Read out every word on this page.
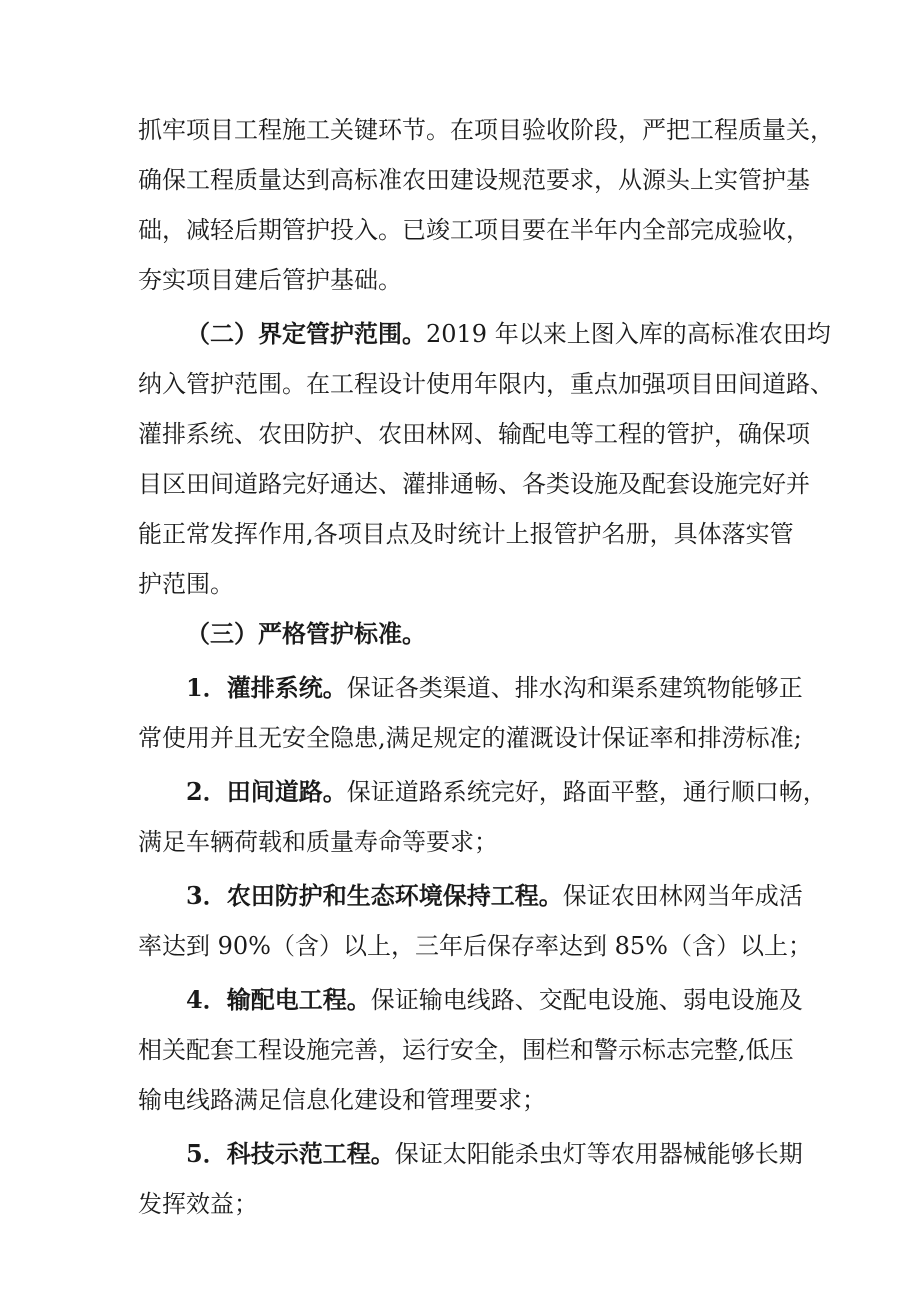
抓牢项目工程施工关键环节。在项目验收阶段，严把工程质量关，
确保工程质量达到高标准农田建设规范要求，从源头上实管护基
础，减轻后期管护投入。已竣工项目要在半年内全部完成验收，
夯实项目建后管护基础。
（二）界定管护范围。2019 年以来上图入库的高标准农田均
纳入管护范围。在工程设计使用年限内，重点加强项目田间道路、
灌排系统、农田防护、农田林网、输配电等工程的管护，确保项
目区田间道路完好通达、灌排通畅、各类设施及配套设施完好并
能正常发挥作用,各项目点及时统计上报管护名册，具体落实管
护范围。
（三）严格管护标准。
1．灌排系统。保证各类渠道、排水沟和渠系建筑物能够正
常使用并且无安全隐患,满足规定的灌溉设计保证率和排涝标准;
2．田间道路。保证道路系统完好，路面平整，通行顺口畅，
满足车辆荷载和质量寿命等要求；
3．农田防护和生态环境保持工程。保证农田林网当年成活
率达到 90%（含）以上，三年后保存率达到 85%（含）以上；
4．输配电工程。保证输电线路、交配电设施、弱电设施及
相关配套工程设施完善，运行安全，围栏和警示标志完整,低压
输电线路满足信息化建设和管理要求；
5．科技示范工程。保证太阳能杀虫灯等农用器械能够长期
发挥效益；
